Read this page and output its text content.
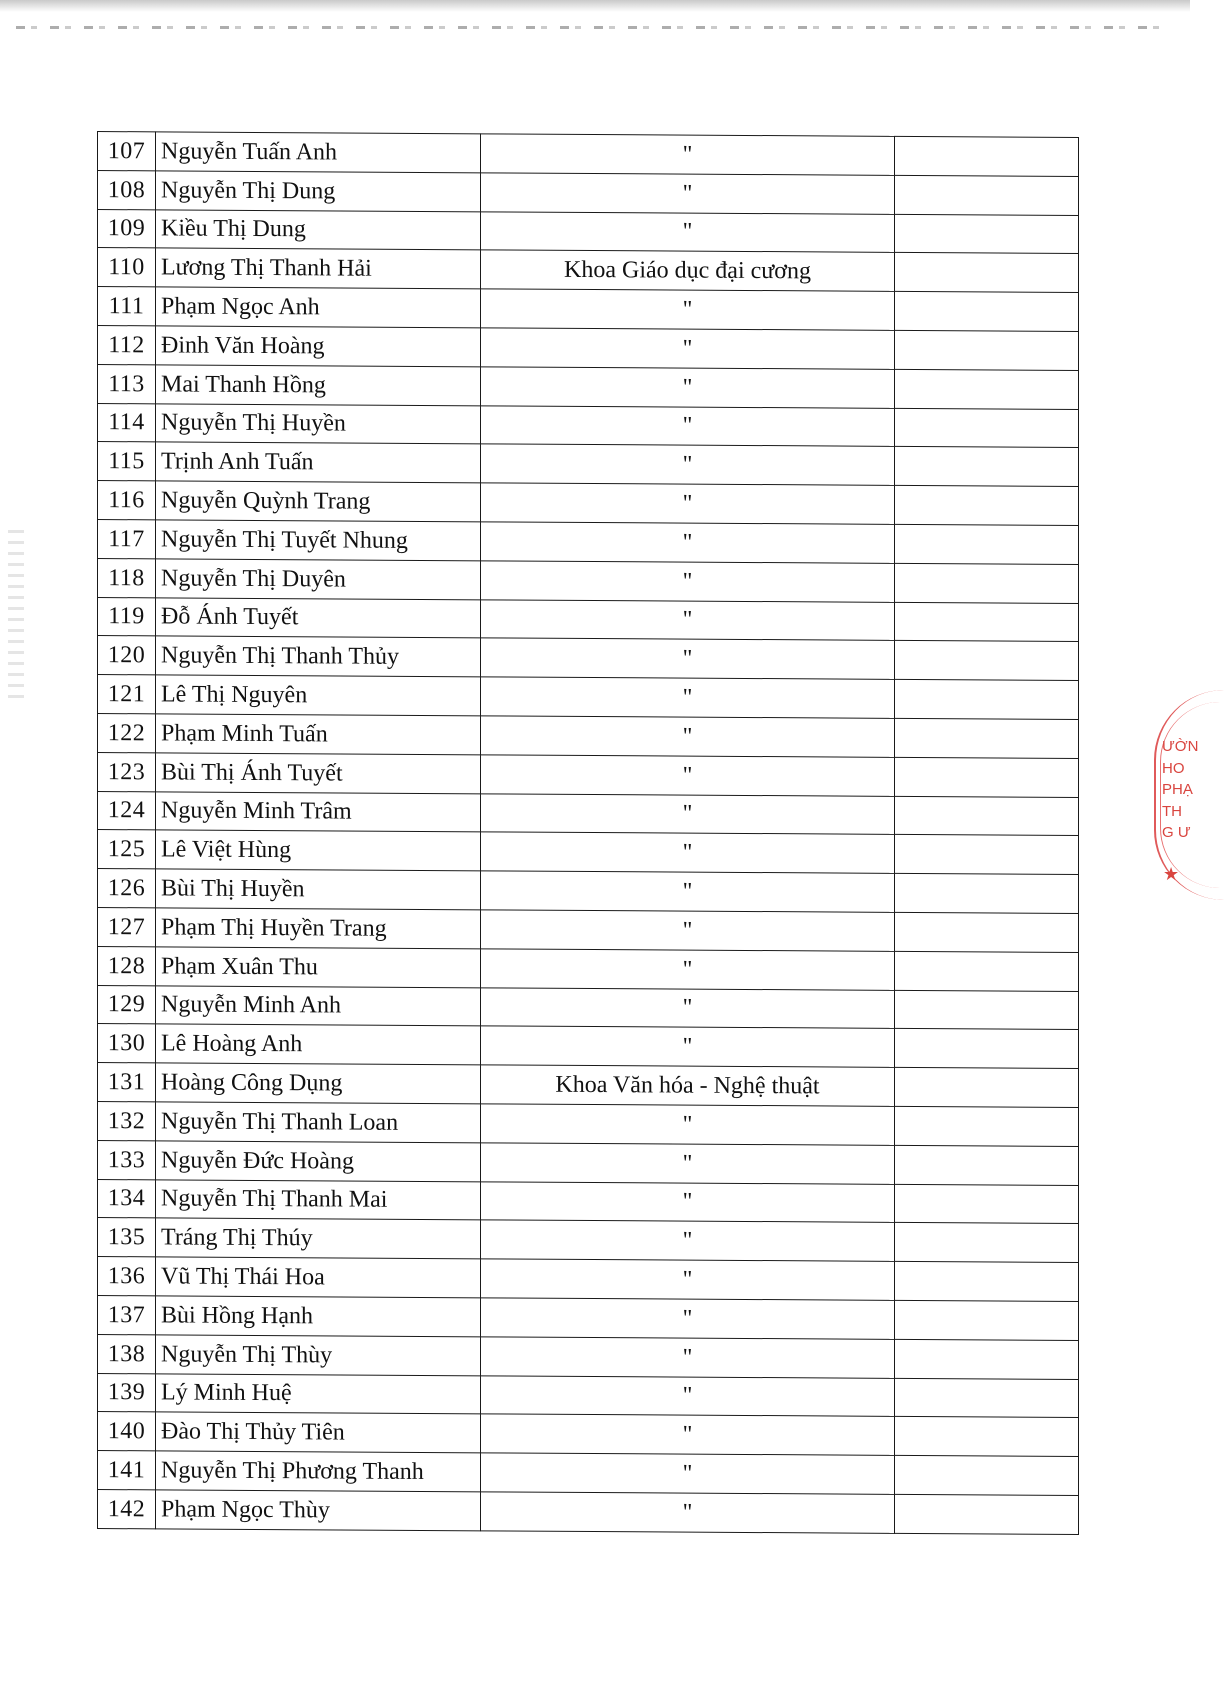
107	Nguyễn Tuấn Anh	"	
108	Nguyễn Thị Dung	"	
109	Kiều Thị Dung	"	
110	Lương Thị Thanh Hải	Khoa Giáo dục đại cương	
111	Phạm Ngọc Anh	"	
112	Đinh Văn Hoàng	"	
113	Mai Thanh Hồng	"	
114	Nguyễn Thị Huyền	"	
115	Trịnh Anh Tuấn	"	
116	Nguyễn Quỳnh Trang	"	
117	Nguyễn Thị Tuyết Nhung	"	
118	Nguyễn Thị Duyên	"	
119	Đỗ Ánh Tuyết	"	
120	Nguyễn Thị Thanh Thủy	"	
121	Lê Thị Nguyên	"	
122	Phạm Minh Tuấn	"	
123	Bùi Thị Ánh Tuyết	"	
124	Nguyễn Minh Trâm	"	
125	Lê Việt Hùng	"	
126	Bùi Thị Huyền	"	
127	Phạm Thị Huyền Trang	"	
128	Phạm Xuân Thu	"	
129	Nguyễn Minh Anh	"	
130	Lê Hoàng Anh	"	
131	Hoàng Công Dụng	Khoa Văn hóa - Nghệ thuật	
132	Nguyễn Thị Thanh Loan	"	
133	Nguyễn Đức Hoàng	"	
134	Nguyễn Thị Thanh Mai	"	
135	Tráng Thị Thúy	"	
136	Vũ Thị Thái Hoa	"	
137	Bùi Hồng Hạnh	"	
138	Nguyễn Thị Thùy	"	
139	Lý Minh Huệ	"	
140	Đào Thị Thủy Tiên	"	
141	Nguyễn Thị Phương Thanh	"	
142	Phạm Ngọc Thùy	"	
ƯỜN
HO
PHẠ
TH
G Ư
★
